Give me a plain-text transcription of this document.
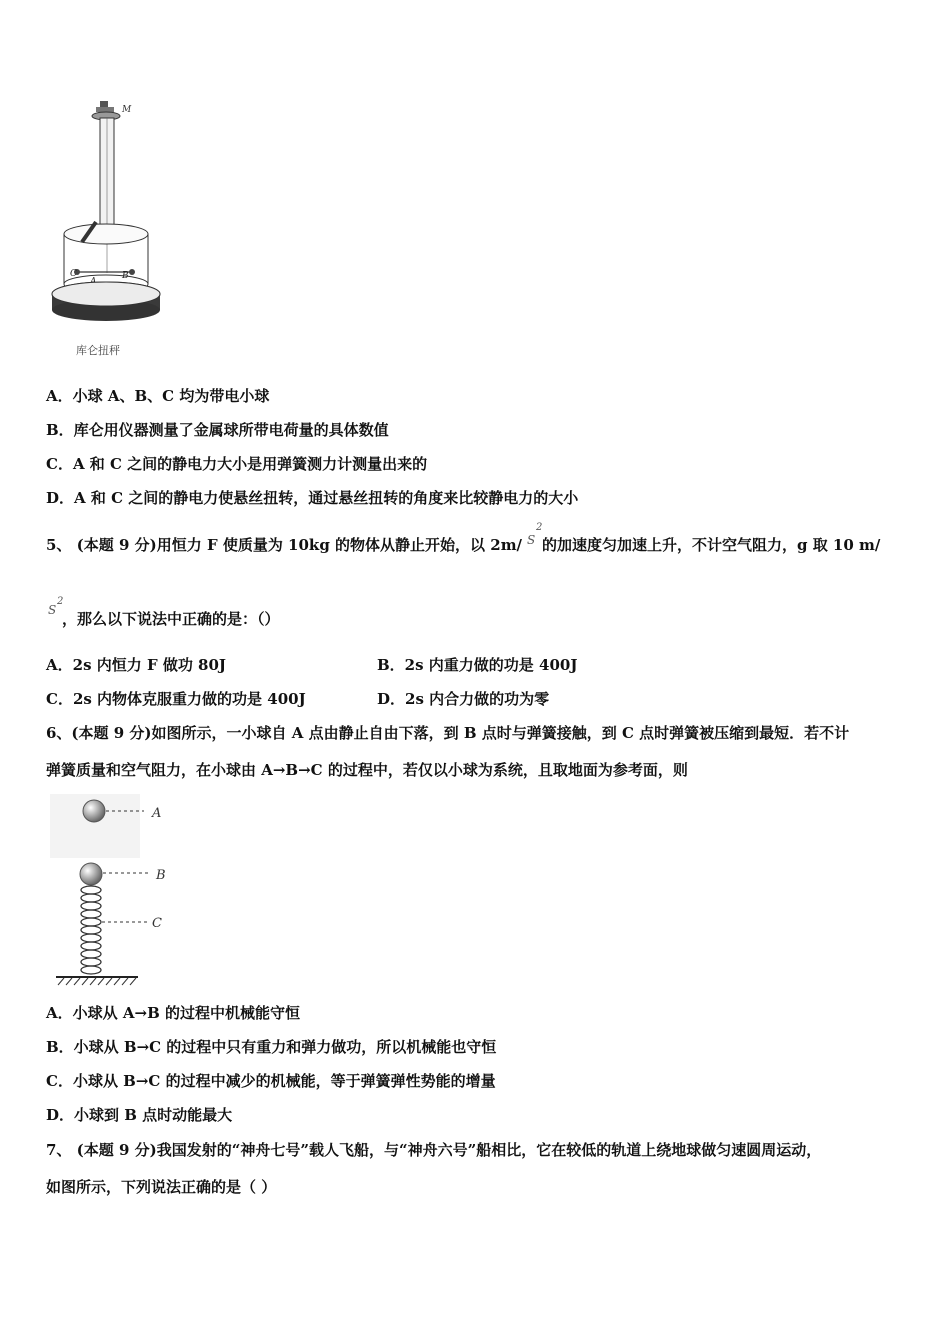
M
C	B
库仑扭秤
A．小球 A、B、C 均为带电小球
B．库仑用仪器测量了金属球所带电荷量的具体数值
C．A 和 C 之间的静电力大小是用弹簧测力计测量出来的
D．A 和 C 之间的静电力使悬丝扭转，通过悬丝扭转的角度来比较静电力的大小
5、 (本题 9 分)用恒力 F 使质量为 10kg 的物体从静止开始，以 2m/ S
2
的加速度匀加速上升，不计空气阻力，g 取 10 m/
S
2
，那么以下说法中正确的是：（）
A．2s 内恒力 F 做功 80J	B．2s 内重力做的功是 400J
C．2s 内物体克服重力做的功是 400J	D．2s 内合力做的功为零
6、(本题 9 分)如图所示，一小球自 A 点由静止自由下落，到 B 点时与弹簧接触，到 C 点时弹簧被压缩到最短．若不计
弹簧质量和空气阻力，在小球由 A→B→C 的过程中，若仅以小球为系统，且取地面为参考面，则
A
B
C
A．小球从 A→B 的过程中机械能守恒
B．小球从 B→C 的过程中只有重力和弹力做功，所以机械能也守恒
C．小球从 B→C 的过程中减少的机械能，等于弹簧弹性势能的增量
D．小球到 B 点时动能最大
7、 (本题 9 分)我国发射的“神舟七号”载人飞船，与“神舟六号”船相比，它在较低的轨道上绕地球做匀速圆周运动，
如图所示，下列说法正确的是（ ）
